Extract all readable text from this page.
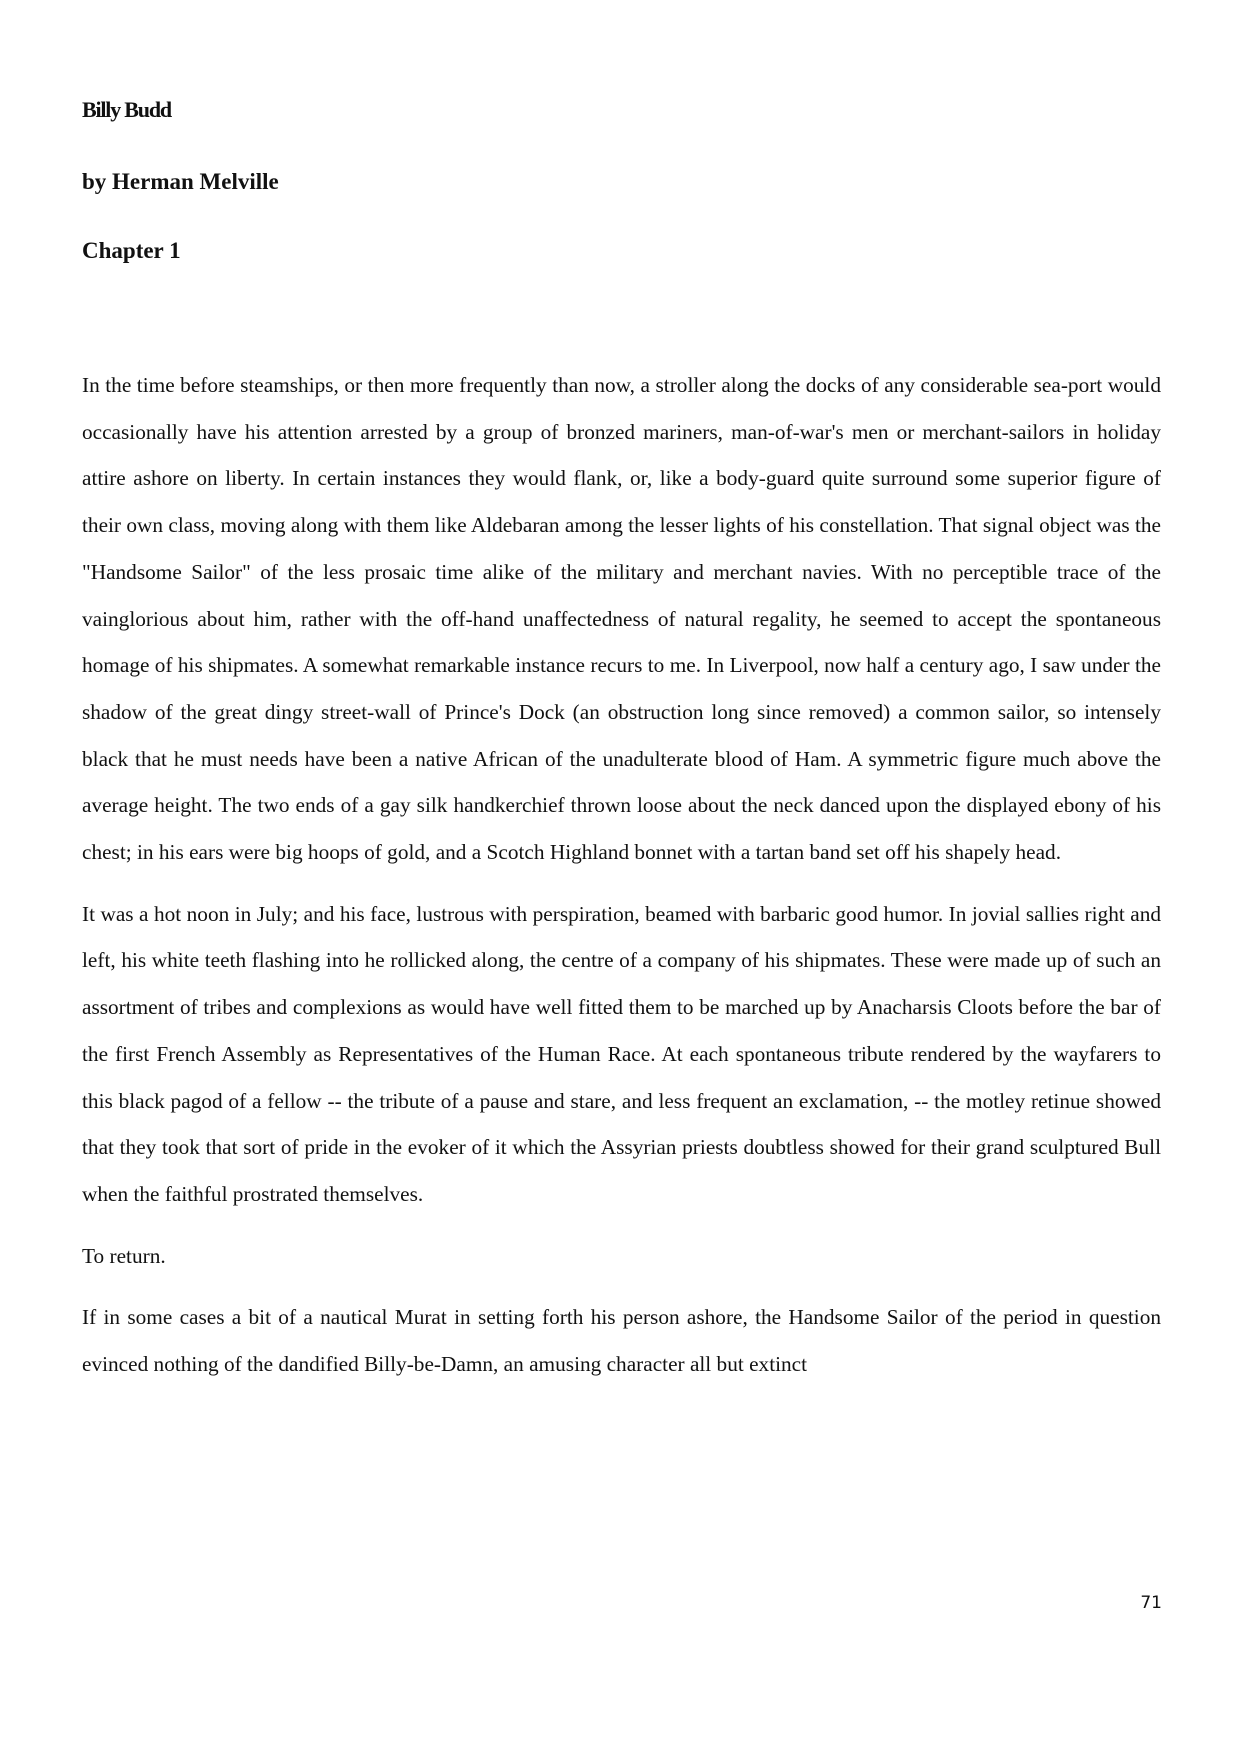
Billy Budd
by Herman Melville
Chapter 1

In the time before steamships, or then more frequently than now, a stroller along the docks of any considerable sea-port would occasionally have his attention arrested by a group of bronzed mariners, man-of-war's men or merchant-sailors in holiday attire ashore on liberty. In certain instances they would flank, or, like a body-guard quite surround some superior figure of their own class, moving along with them like Aldebaran among the lesser lights of his constellation. That signal object was the "Handsome Sailor" of the less prosaic time alike of the military and merchant navies. With no perceptible trace of the vainglorious about him, rather with the off-hand unaffectedness of natural regality, he seemed to accept the spontaneous homage of his shipmates. A somewhat remarkable instance recurs to me. In Liverpool, now half a century ago, I saw under the shadow of the great dingy street-wall of Prince's Dock (an obstruction long since removed) a common sailor, so intensely black that he must needs have been a native African of the unadulterate blood of Ham. A symmetric figure much above the average height. The two ends of a gay silk handkerchief thrown loose about the neck danced upon the displayed ebony of his chest; in his ears were big hoops of gold, and a Scotch Highland bonnet with a tartan band set off his shapely head.

It was a hot noon in July; and his face, lustrous with perspiration, beamed with barbaric good humor. In jovial sallies right and left, his white teeth flashing into he rollicked along, the centre of a company of his shipmates. These were made up of such an assortment of tribes and complexions as would have well fitted them to be marched up by Anacharsis Cloots before the bar of the first French Assembly as Representatives of the Human Race. At each spontaneous tribute rendered by the wayfarers to this black pagod of a fellow -- the tribute of a pause and stare, and less frequent an exclamation, -- the motley retinue showed that they took that sort of pride in the evoker of it which the Assyrian priests doubtless showed for their grand sculptured Bull when the faithful prostrated themselves.

To return.

If in some cases a bit of a nautical Murat in setting forth his person ashore, the Handsome Sailor of the period in question evinced nothing of the dandified Billy-be-Damn, an amusing character all but extinct

71
